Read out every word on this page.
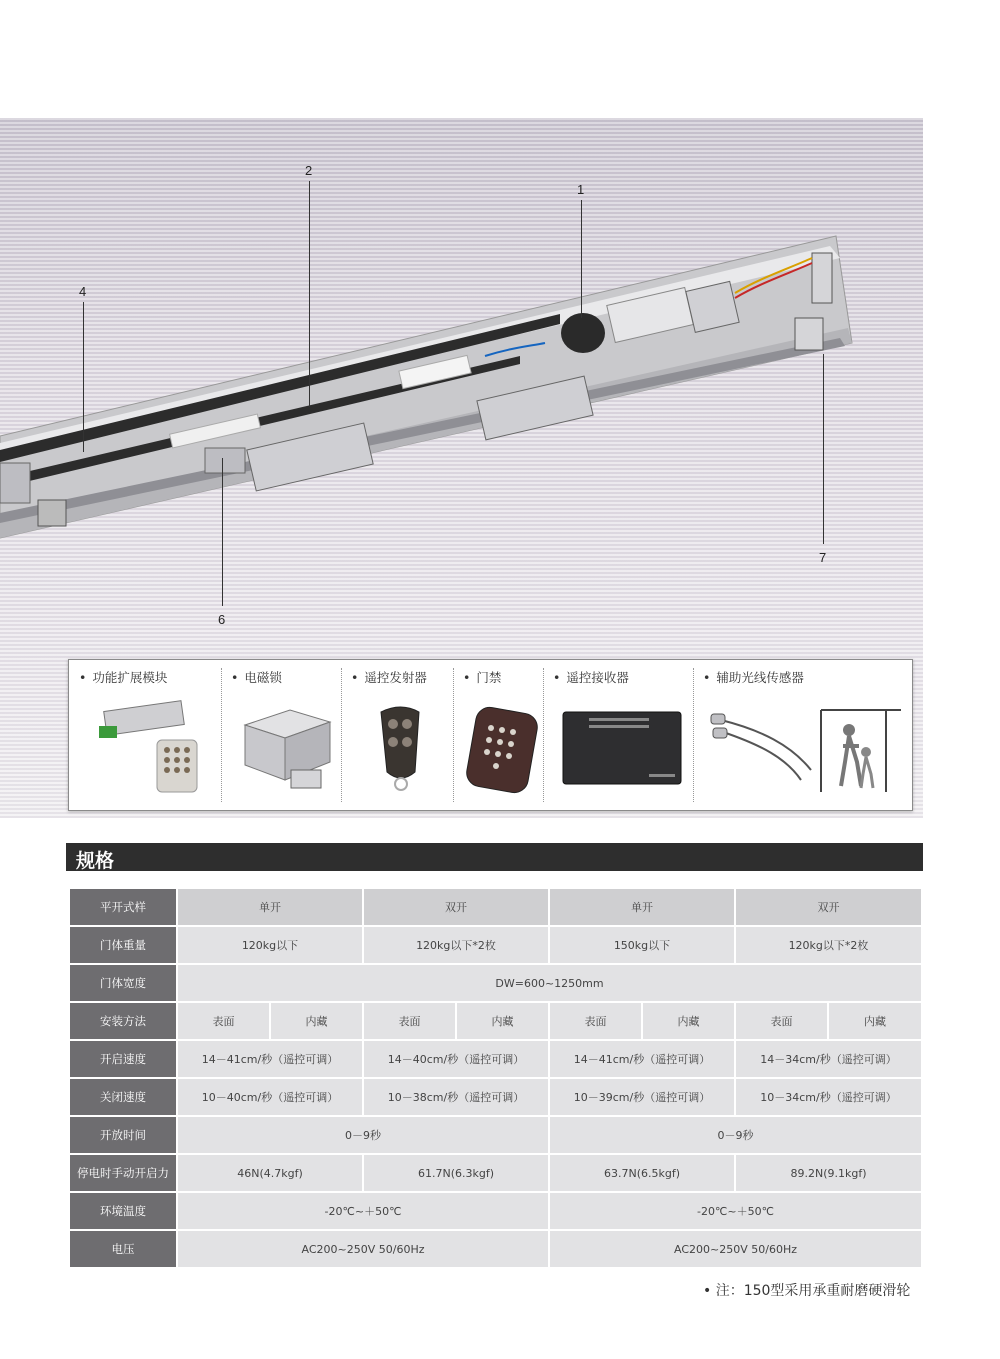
1
2
4
6
7
• 功能扩展模块	• 电磁锁	• 遥控发射器	• 门禁	• 遥控接收器	• 辅助光线传感器
规格
平开式样	单开		双开		单开		双开	
门体重量	120kg以下		120kg以下*2枚		150kg以下		120kg以下*2枚	
门体宽度	DW=600~1250mm							
安装方法	表面	内藏	表面	内藏	表面	内藏	表面	内藏
开启速度	14－41cm/秒（遥控可调）		14－40cm/秒（遥控可调）		14－41cm/秒（遥控可调）		14－34cm/秒（遥控可调）	
关闭速度	10－40cm/秒（遥控可调）		10－38cm/秒（遥控可调）		10－39cm/秒（遥控可调）		10－34cm/秒（遥控可调）	
开放时间	0－9秒				0－9秒			
停电时手动开启力	46N(4.7kgf)		61.7N(6.3kgf)		63.7N(6.5kgf)		89.2N(9.1kgf)	
环境温度	-20℃~＋50℃				-20℃~＋50℃			
电压	AC200~250V 50/60Hz				AC200~250V 50/60Hz			
• 注：150型采用承重耐磨硬滑轮
